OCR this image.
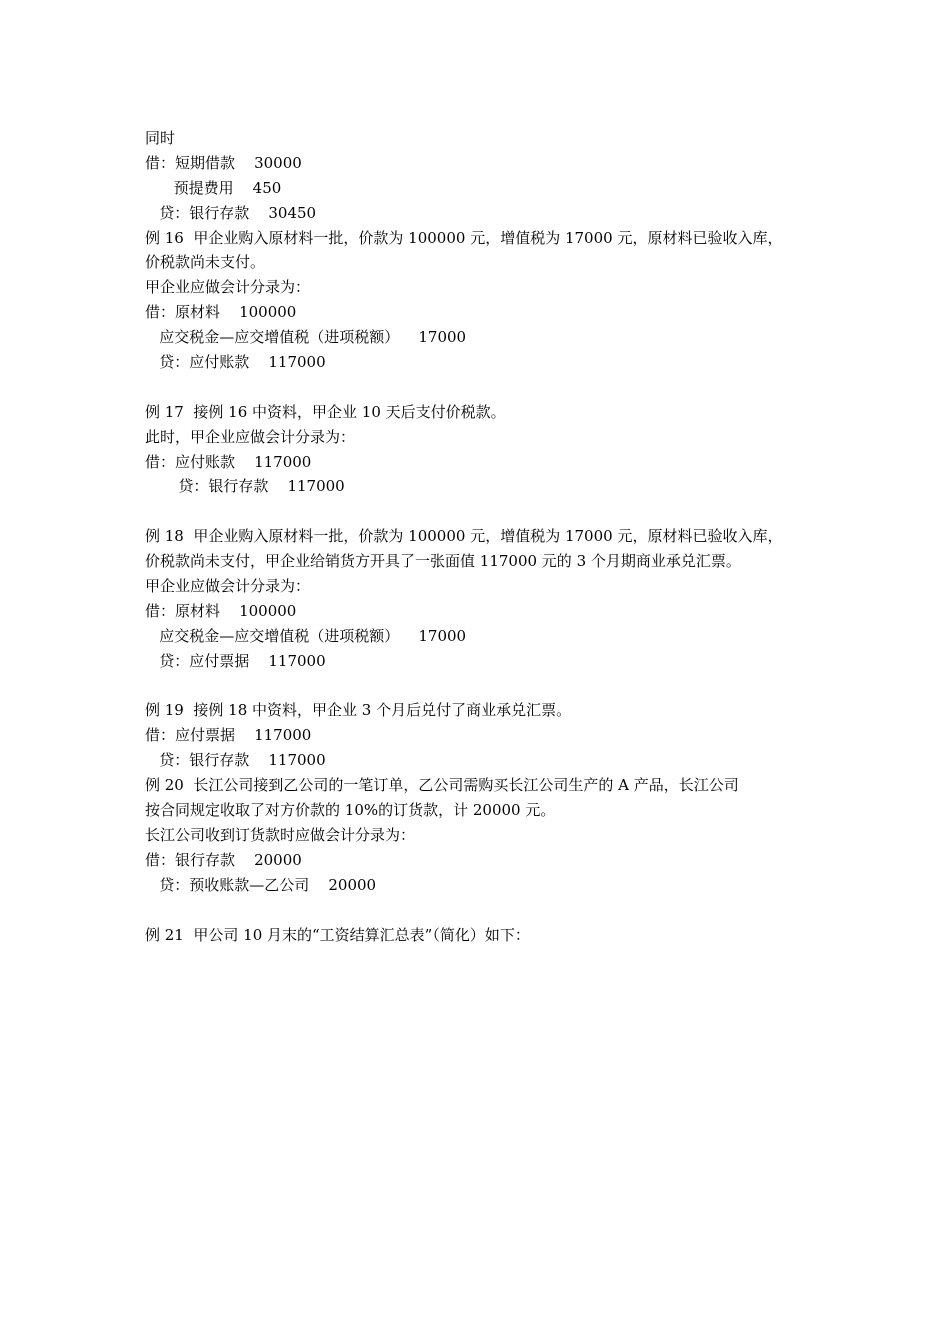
同时
借：短期借款    30000
预提费用    450
贷：银行存款    30450
例 16  甲企业购入原材料一批，价款为 100000 元，增值税为 17000 元，原材料已验收入库，
价税款尚未支付。
甲企业应做会计分录为：
借：原材料    100000
应交税金—应交增值税（进项税额）    17000
贷：应付账款    117000
例 17  接例 16 中资料，甲企业 10 天后支付价税款。
此时，甲企业应做会计分录为：
借：应付账款    117000
贷：银行存款    117000
例 18  甲企业购入原材料一批，价款为 100000 元，增值税为 17000 元，原材料已验收入库，
价税款尚未支付，甲企业给销货方开具了一张面值 117000 元的 3 个月期商业承兑汇票。
甲企业应做会计分录为：
借：原材料    100000
应交税金—应交增值税（进项税额）    17000
贷：应付票据    117000
例 19  接例 18 中资料，甲企业 3 个月后兑付了商业承兑汇票。
借：应付票据    117000
贷：银行存款    117000
例 20  长江公司接到乙公司的一笔订单，乙公司需购买长江公司生产的 A 产品，长江公司
按合同规定收取了对方价款的 10%的订货款，计 20000 元。
长江公司收到订货款时应做会计分录为：
借：银行存款    20000
贷：预收账款—乙公司    20000
例 21  甲公司 10 月末的“工资结算汇总表”（简化）如下：
